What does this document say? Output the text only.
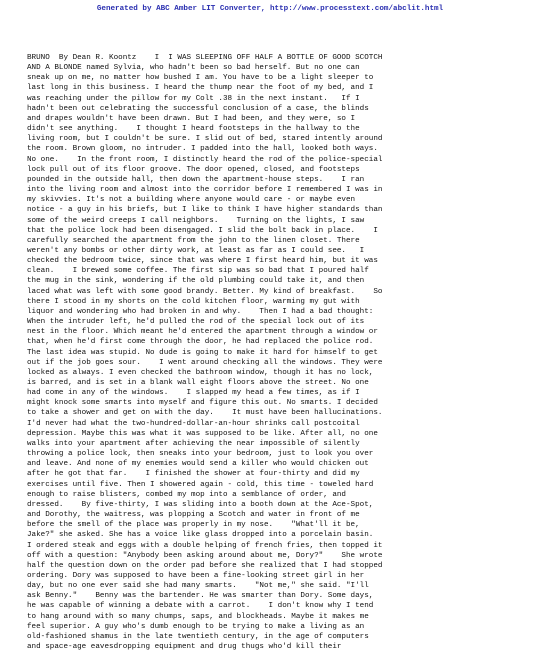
Generated by ABC Amber LIT Converter, http://www.processtext.com/abclit.html
BRUNO  By Dean R. Koontz    I  I WAS SLEEPING OFF HALF A BOTTLE OF GOOD SCOTCH
AND A BLONDE named Sylvia, who hadn't been so bad herself. But no one can
sneak up on me, no matter how bushed I am. You have to be a light sleeper to
last long in this business. I heard the thump near the foot of my bed, and I
was reaching under the pillow for my Colt .38 in the next instant.   If I
hadn't been out celebrating the successful conclusion of a case, the blinds
and drapes wouldn't have been drawn. But I had been, and they were, so I
didn't see anything.    I thought I heard footsteps in the hallway to the
living room, but I couldn't be sure. I slid out of bed, stared intently around
the room. Brown gloom, no intruder. I padded into the hall, looked both ways.
No one.    In the front room, I distinctly heard the rod of the police-special
lock pull out of its floor groove. The door opened, closed, and footsteps
pounded in the outside hall, then down the apartment-house steps.    I ran
into the living room and almost into the corridor before I remembered I was in
my skivvies. It's not a building where anyone would care - or maybe even
notice - a guy in his briefs, but I like to think I have higher standards than
some of the weird creeps I call neighbors.    Turning on the lights, I saw
that the police lock had been disengaged. I slid the bolt back in place.    I
carefully searched the apartment from the john to the linen closet. There
weren't any bombs or other dirty work, at least as far as I could see.   I
checked the bedroom twice, since that was where I first heard him, but it was
clean.    I brewed some coffee. The first sip was so bad that I poured half
the mug in the sink, wondering if the old plumbing could take it, and then
laced what was left with some good brandy. Better. My kind of breakfast.    So
there I stood in my shorts on the cold kitchen floor, warming my gut with
liquor and wondering who had broken in and why.    Then I had a bad thought:
When the intruder left, he'd pulled the rod of the special lock out of its
nest in the floor. Which meant he'd entered the apartment through a window or
that, when he'd first come through the door, he had replaced the police rod.
The last idea was stupid. No dude is going to make it hard for himself to get
out if the job goes sour.    I went around checking all the windows. They were
locked as always. I even checked the bathroom window, though it has no lock,
is barred, and is set in a blank wall eight floors above the street. No one
had come in any of the windows.    I slapped my head a few times, as if I
might knock some smarts into myself and figure this out. No smarts. I decided
to take a shower and get on with the day.    It must have been hallucinations.
I'd never had what the two-hundred-dollar-an-hour shrinks call postcoital
depression. Maybe this was what it was supposed to be like. After all, no one
walks into your apartment after achieving the near impossible of silently
throwing a police lock, then sneaks into your bedroom, just to look you over
and leave. And none of my enemies would send a killer who would chicken out
after he got that far.    I finished the shower at four-thirty and did my
exercises until five. Then I showered again - cold, this time - toweled hard
enough to raise blisters, combed my mop into a semblance of order, and
dressed.    By five-thirty, I was sliding into a booth down at the Ace-Spot,
and Dorothy, the waitress, was plopping a Scotch and water in front of me
before the smell of the place was properly in my nose.    "What'll it be,
Jake?" she asked. She has a voice like glass dropped into a porcelain basin.
I ordered steak and eggs with a double helping of french fries, then topped it
off with a question: "Anybody been asking around about me, Dory?"    She wrote
half the question down on the order pad before she realized that I had stopped
ordering. Dory was supposed to have been a fine-looking street girl in her
day, but no one ever said she had many smarts.    "Not me," she said. "I'll
ask Benny."    Benny was the bartender. He was smarter than Dory. Some days,
he was capable of winning a debate with a carrot.    I don't know why I tend
to hang around with so many chumps, saps, and blockheads. Maybe it makes me
feel superior. A guy who's dumb enough to be trying to make a living as an
old-fashioned shamus in the late twentieth century, in the age of computers
and space-age eavesdropping equipment and drug thugs who'd kill their
